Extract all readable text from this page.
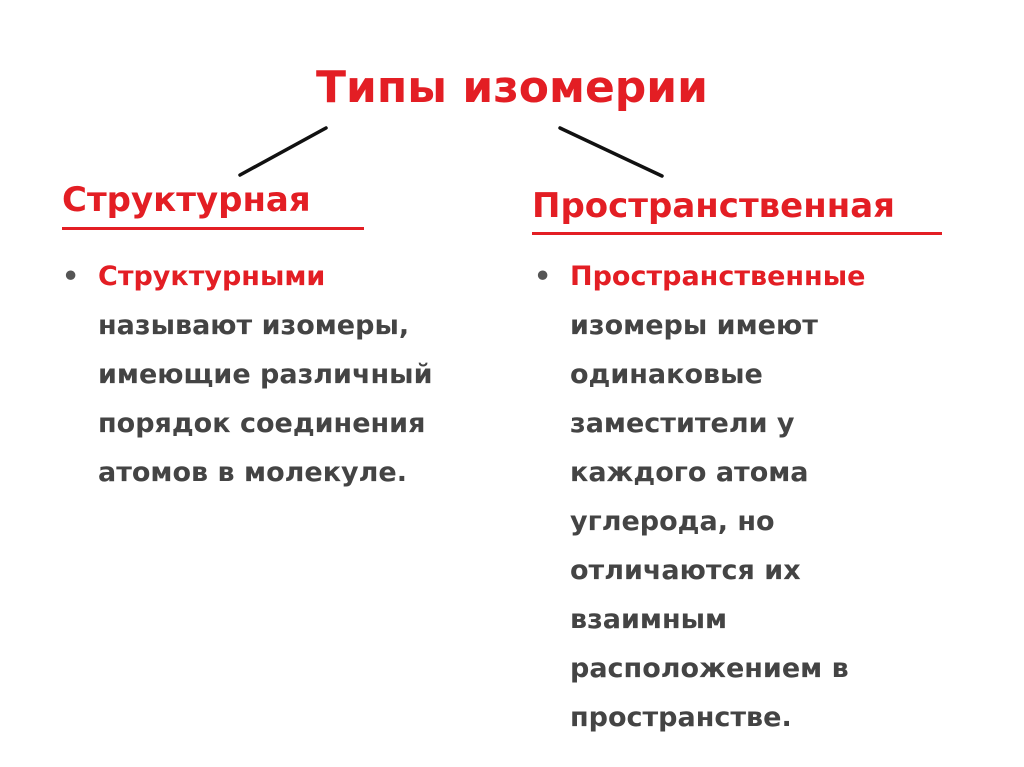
Типы изомерии
Структурная	Пространственная
• Структурными
называют изомеры,
имеющие различный
порядок соединения
атомов в молекуле.

• Пространственные
изомеры имеют
одинаковые
заместители у
каждого атома
углерода, но
отличаются их
взаимным
расположением в
пространстве.
